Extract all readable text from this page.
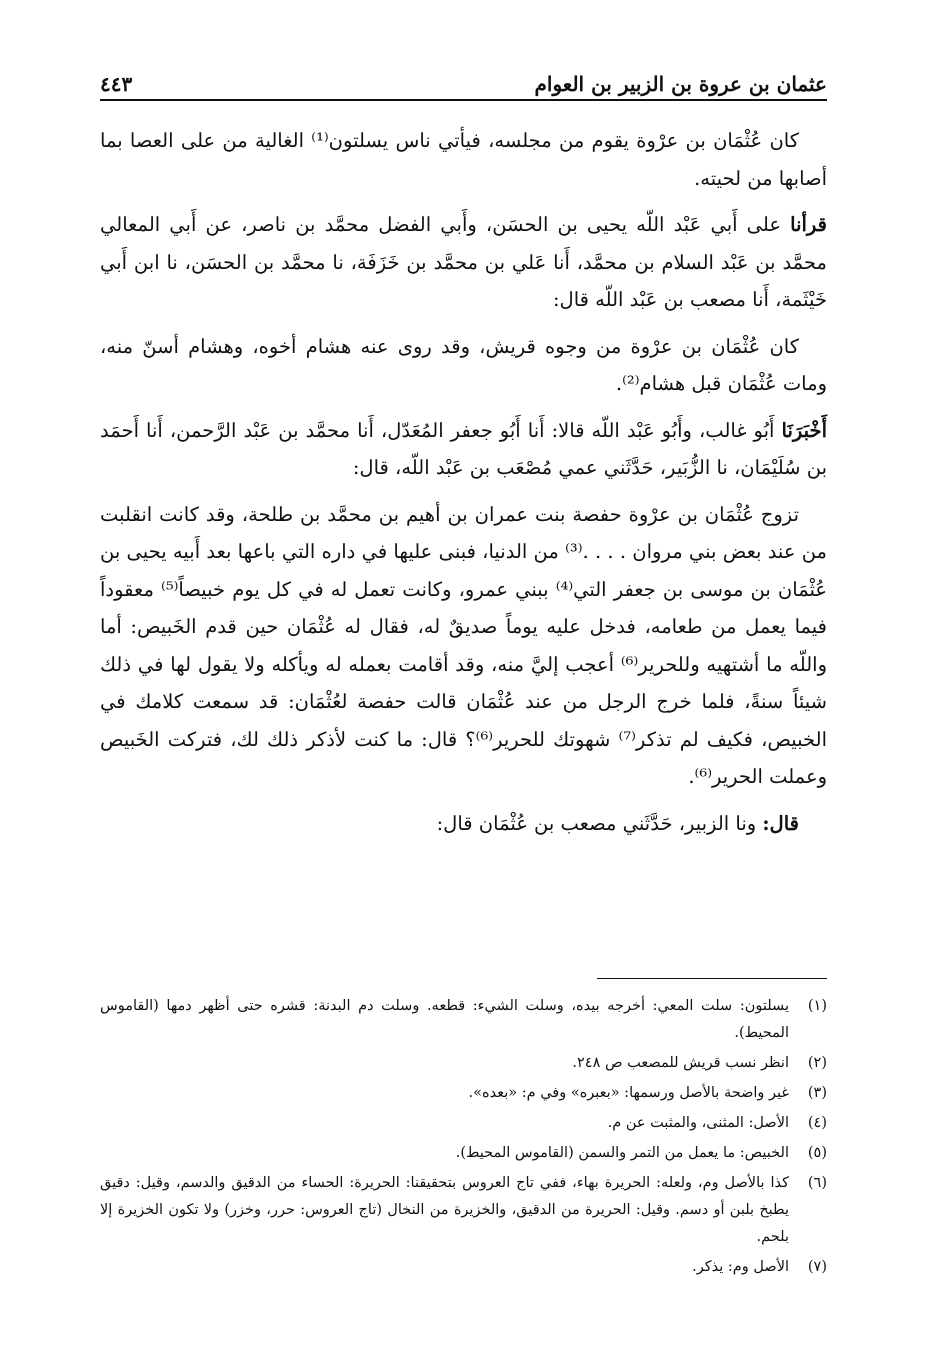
عثمان بن عروة بن الزبير بن العوام
٤٤٣

كان عُثْمَان بن عرْوة يقوم من مجلسه، فيأتي ناس يسلتون⁽¹⁾ الغالية من على العصا بما أصابها من لحيته.

قرأنا على أَبي عَبْد اللّه يحيى بن الحسَن، وأَبي الفضل محمَّد بن ناصر، عن أَبي المعالي محمَّد بن عَبْد السلام بن محمَّد، أَنا عَلي بن محمَّد بن خَزَفَة، نا محمَّد بن الحسَن، نا ابن أَبي خَيْثَمة، أَنا مصعب بن عَبْد اللّه قال:

كان عُثْمَان بن عرْوة من وجوه قريش، وقد روى عنه هشام أخوه، وهشام أسنّ منه، ومات عُثْمَان قبل هشام⁽²⁾.

أَخْبَرَنَا أَبُو غالب، وأَبُو عَبْد اللّه قالا: أَنا أَبُو جعفر المُعَدّل، أَنا محمَّد بن عَبْد الرَّحمن، أَنا أَحمَد بن سُلَيْمَان، نا الزُّبَير، حَدَّثَني عمي مُصْعَب بن عَبْد اللّه، قال:

تزوج عُثْمَان بن عرْوة حفصة بنت عمران بن أهيم بن محمَّد بن طلحة، وقد كانت انقلبت من عند بعض بني مروان . . . .⁽³⁾ من الدنيا، فبنى عليها في داره التي باعها بعد أَبيه يحيى بن عُثْمَان بن موسى بن جعفر التي⁽⁴⁾ ببني عمرو، وكانت تعمل له في كل يوم خبيصاً⁽⁵⁾ معقوداً فيما يعمل من طعامه، فدخل عليه يوماً صديقٌ له، فقال له عُثْمَان حين قدم الخَبيص: أما واللّه ما أشتهيه وللحرير⁽⁶⁾ أعجب إليَّ منه، وقد أقامت بعمله له ويأكله ولا يقول لها في ذلك شيئاً سنةً، فلما خرج الرجل من عند عُثْمَان قالت حفصة لعُثْمَان: قد سمعت كلامك في الخبيص، فكيف لم تذكر⁽⁷⁾ شهوتك للحرير⁽⁶⁾؟ قال: ما كنت لأذكر ذلك لك، فتركت الخَبيص وعملت الحرير⁽⁶⁾.

قال: ونا الزبير، حَدَّثَني مصعب بن عُثْمَان قال:

(١)
يسلتون: سلت المعي: أخرجه بيده، وسلت الشيء: قطعه. وسلت دم البدنة: قشره حتى أظهر دمها (القاموس المحيط).
(٢)
انظر نسب قريش للمصعب ص ٢٤٨.
(٣)
غير واضحة بالأصل ورسمها: «بعبره» وفي م: «بعده».
(٤)
الأصل: المثنى، والمثبت عن م.
(٥)
الخبيص: ما يعمل من التمر والسمن (القاموس المحيط).
(٦)
كذا بالأصل وم، ولعله: الحريرة بهاء، ففي تاج العروس بتحقيقنا: الحريرة: الحساء من الدقيق والدسم، وقيل: دقيق يطبخ بلبن أو دسم. وقيل: الحريرة من الدقيق، والخزيرة من النخال (تاج العروس: حرر، وخزر) ولا تكون الخزيرة إلا بلحم.
(٧)
الأصل وم: يذكر.
